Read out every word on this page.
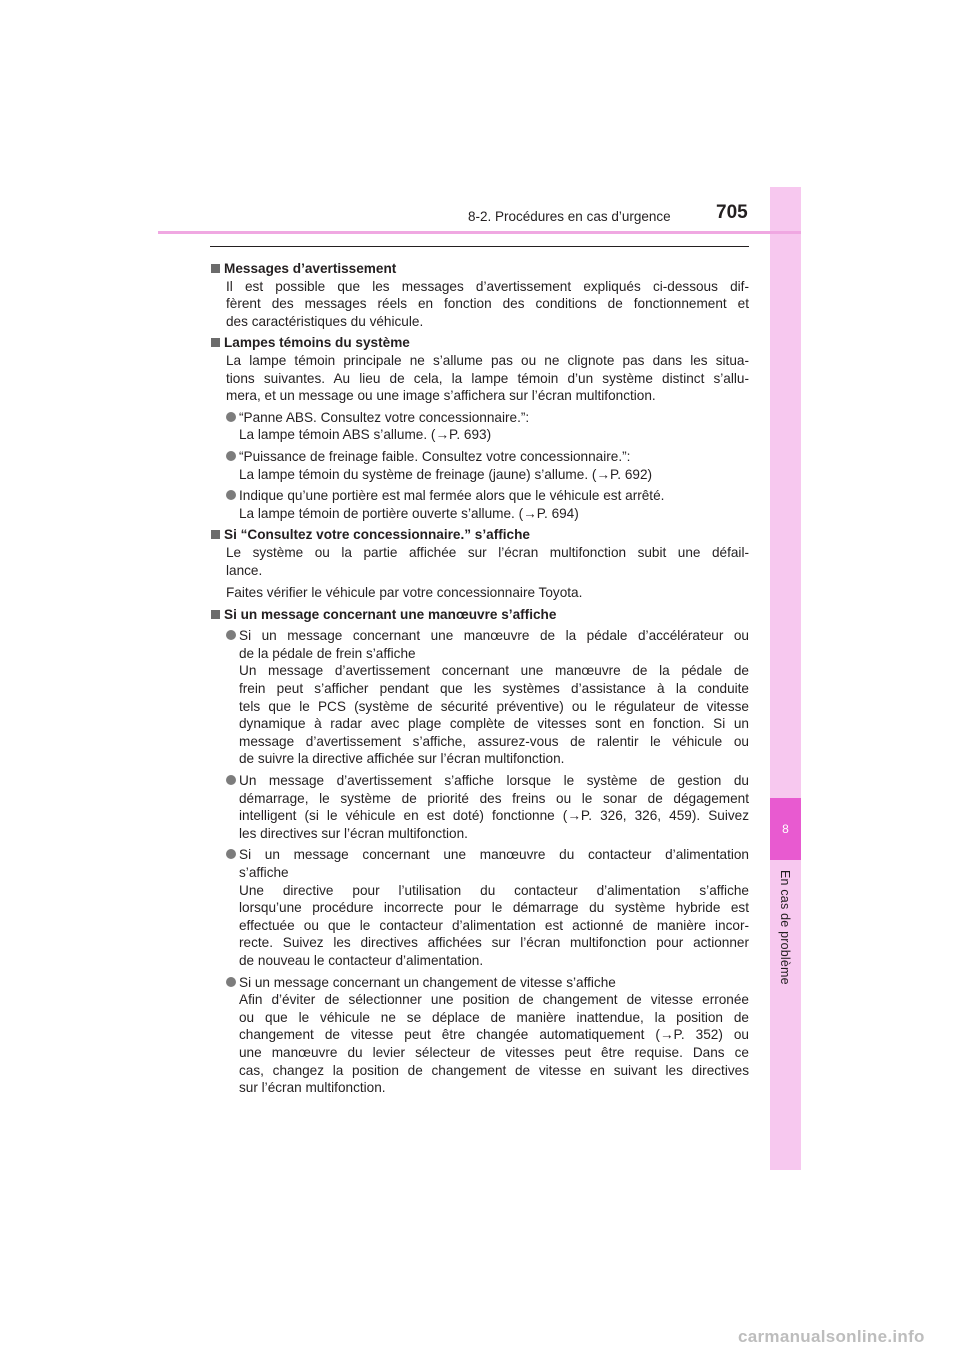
8
En cas de problème
8-2. Procédures en cas d’urgence 705
Messages d’avertissement
Il est possible que les messages d’avertissement expliqués ci-dessous dif-
fèrent des messages réels en fonction des conditions de fonctionnement et
des caractéristiques du véhicule.
Lampes témoins du système
La lampe témoin principale ne s’allume pas ou ne clignote pas dans les situa-
tions suivantes. Au lieu de cela, la lampe témoin d’un système distinct s’allu-
mera, et un message ou une image s’affichera sur l’écran multifonction.
“Panne ABS. Consultez votre concessionnaire.”:
La lampe témoin ABS s’allume. (→P. 693)
“Puissance de freinage faible. Consultez votre concessionnaire.”:
La lampe témoin du système de freinage (jaune) s’allume. (→P. 692)
Indique qu’une portière est mal fermée alors que le véhicule est arrêté.
La lampe témoin de portière ouverte s’allume. (→P. 694)
Si “Consultez votre concessionnaire.” s’affiche
Le système ou la partie affichée sur l’écran multifonction subit une défail-
lance.
Faites vérifier le véhicule par votre concessionnaire Toyota.
Si un message concernant une manœuvre s’affiche
Si un message concernant une manœuvre de la pédale d’accélérateur ou
de la pédale de frein s’affiche
Un message d’avertissement concernant une manœuvre de la pédale de
frein peut s’afficher pendant que les systèmes d’assistance à la conduite
tels que le PCS (système de sécurité préventive) ou le régulateur de vitesse
dynamique à radar avec plage complète de vitesses sont en fonction. Si un
message d’avertissement s’affiche, assurez-vous de ralentir le véhicule ou
de suivre la directive affichée sur l’écran multifonction.
Un message d’avertissement s’affiche lorsque le système de gestion du
démarrage, le système de priorité des freins ou le sonar de dégagement
intelligent (si le véhicule en est doté) fonctionne (→P. 326, 326, 459). Suivez
les directives sur l’écran multifonction.
Si un message concernant une manœuvre du contacteur d’alimentation
s’affiche
Une directive pour l’utilisation du contacteur d’alimentation s’affiche
lorsqu’une procédure incorrecte pour le démarrage du système hybride est
effectuée ou que le contacteur d’alimentation est actionné de manière incor-
recte. Suivez les directives affichées sur l’écran multifonction pour actionner
de nouveau le contacteur d’alimentation.
Si un message concernant un changement de vitesse s’affiche
Afin d’éviter de sélectionner une position de changement de vitesse erronée
ou que le véhicule ne se déplace de manière inattendue, la position de
changement de vitesse peut être changée automatiquement (→P. 352) ou
une manœuvre du levier sélecteur de vitesses peut être requise. Dans ce
cas, changez la position de changement de vitesse en suivant les directives
sur l’écran multifonction.
carmanualsonline.info
